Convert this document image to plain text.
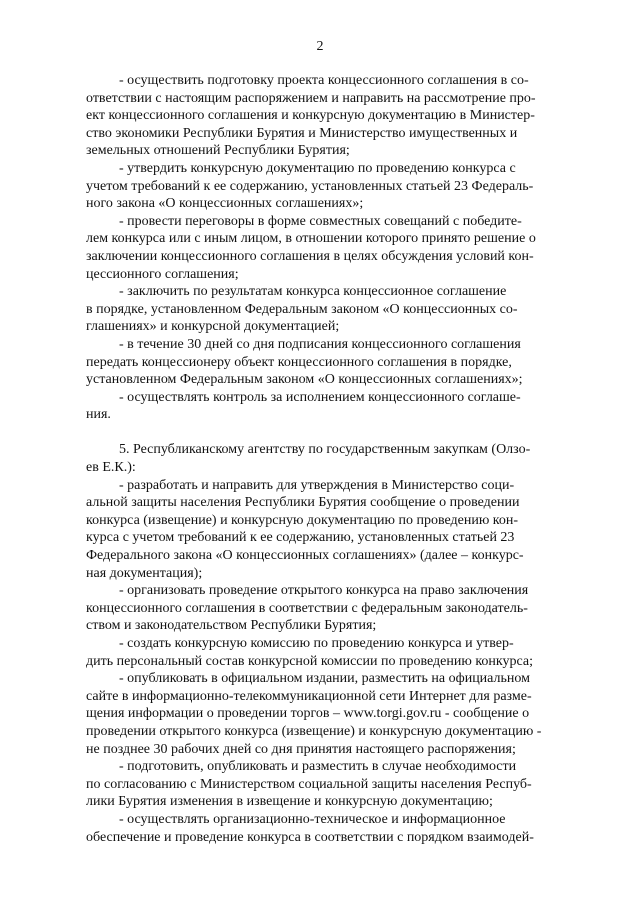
2

- осуществить подготовку проекта концессионного соглашения в со-
ответствии с настоящим распоряжением и направить на рассмотрение про-
ект концессионного соглашения и конкурсную документацию в Министер-
ство экономики Республики Бурятия и Министерство имущественных и
земельных отношений Республики Бурятия;

- утвердить конкурсную документацию по проведению конкурса с
учетом требований к ее содержанию, установленных статьей 23 Федераль-
ного закона «О концессионных соглашениях»;

- провести переговоры в форме совместных совещаний с победите-
лем конкурса или с иным лицом, в отношении которого принято решение о
заключении концессионного соглашения в целях обсуждения условий кон-
цессионного соглашения;

- заключить по результатам конкурса концессионное соглашение
в порядке, установленном Федеральным законом «О концессионных со-
глашениях» и конкурсной документацией;

- в течение 30 дней со дня подписания концессионного соглашения
передать концессионеру объект концессионного соглашения в порядке,
установленном Федеральным законом «О концессионных соглашениях»;

- осуществлять контроль за исполнением концессионного соглаше-
ния.

5. Республиканскому агентству по государственным закупкам (Олзо-
ев Е.К.):

- разработать и направить для утверждения в Министерство соци-
альной защиты населения Республики Бурятия сообщение о проведении
конкурса (извещение) и конкурсную документацию по проведению кон-
курса с учетом требований к ее содержанию, установленных статьей 23
Федерального закона «О концессионных соглашениях» (далее – конкурс-
ная документация);

- организовать проведение открытого конкурса на право заключения
концессионного соглашения в соответствии с федеральным законодатель-
ством и законодательством Республики Бурятия;

- создать конкурсную комиссию по проведению конкурса и утвер-
дить персональный состав конкурсной комиссии по проведению конкурса;

- опубликовать в официальном издании, разместить на официальном
сайте в информационно-телекоммуникационной сети Интернет для разме-
щения информации о проведении торгов – www.torgi.gov.ru - сообщение о
проведении открытого конкурса (извещение) и конкурсную документацию -
не позднее 30 рабочих дней со дня принятия настоящего распоряжения;

- подготовить, опубликовать и разместить в случае необходимости
по согласованию с Министерством социальной защиты населения Респуб-
лики Бурятия изменения в извещение и конкурсную документацию;

- осуществлять организационно-техническое и информационное
обеспечение и проведение конкурса в соответствии с порядком взаимодей-
